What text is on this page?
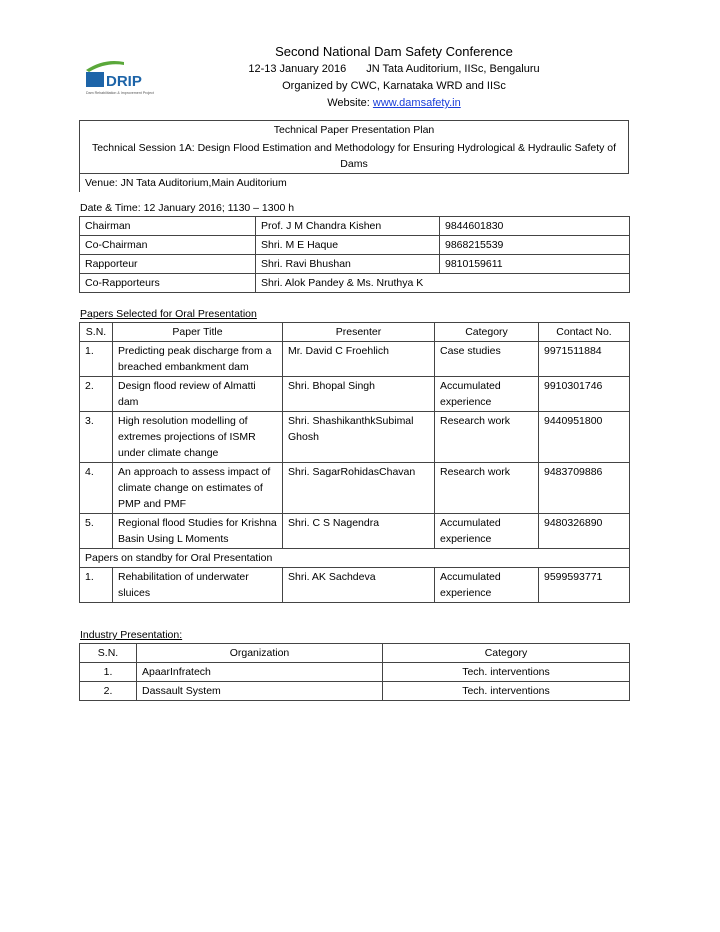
DRIP
Dam Rehabilitation & Improvement Project
Second National Dam Safety Conference
12-13 January 2016 JN Tata Auditorium, IISc, Bengaluru
Organized by CWC, Karnataka WRD and IISc
Website: www.damsafety.in
Technical Paper Presentation Plan
Technical Session 1A: Design Flood Estimation and Methodology for Ensuring Hydrological & Hydraulic Safety of Dams
Venue: JN Tata Auditorium,Main Auditorium
Date & Time: 12 January 2016; 1130 – 1300 h
Chairman	Prof. J M Chandra Kishen	9844601830
Co-Chairman	Shri. M E Haque	9868215539
Rapporteur	Shri. Ravi Bhushan	9810159611
Co-Rapporteurs	Shri. Alok Pandey & Ms. Nruthya K	
Papers Selected for Oral Presentation
S.N.	Paper Title	Presenter	Category	Contact No.
1.	Predicting peak discharge from a breached embankment dam	Mr. David C Froehlich	Case studies	9971511884
2.	Design flood review of Almatti dam	Shri. Bhopal Singh	Accumulated experience	9910301746
3.	High resolution modelling of extremes projections of ISMR under climate change	Shri. ShashikanthkSubimal Ghosh	Research work	9440951800
4.	An approach to assess impact of climate change on estimates of PMP and PMF	Shri. SagarRohidasChavan	Research work	9483709886
5.	Regional flood Studies for Krishna Basin Using L Moments	Shri. C S Nagendra	Accumulated experience	9480326890
Papers on standby for Oral Presentation				
1.	Rehabilitation of underwater sluices	Shri. AK Sachdeva	Accumulated experience	9599593771
Industry Presentation:
S.N.	Organization	Category
1.	ApaarInfratech	Tech. interventions
2.	Dassault System	Tech. interventions
